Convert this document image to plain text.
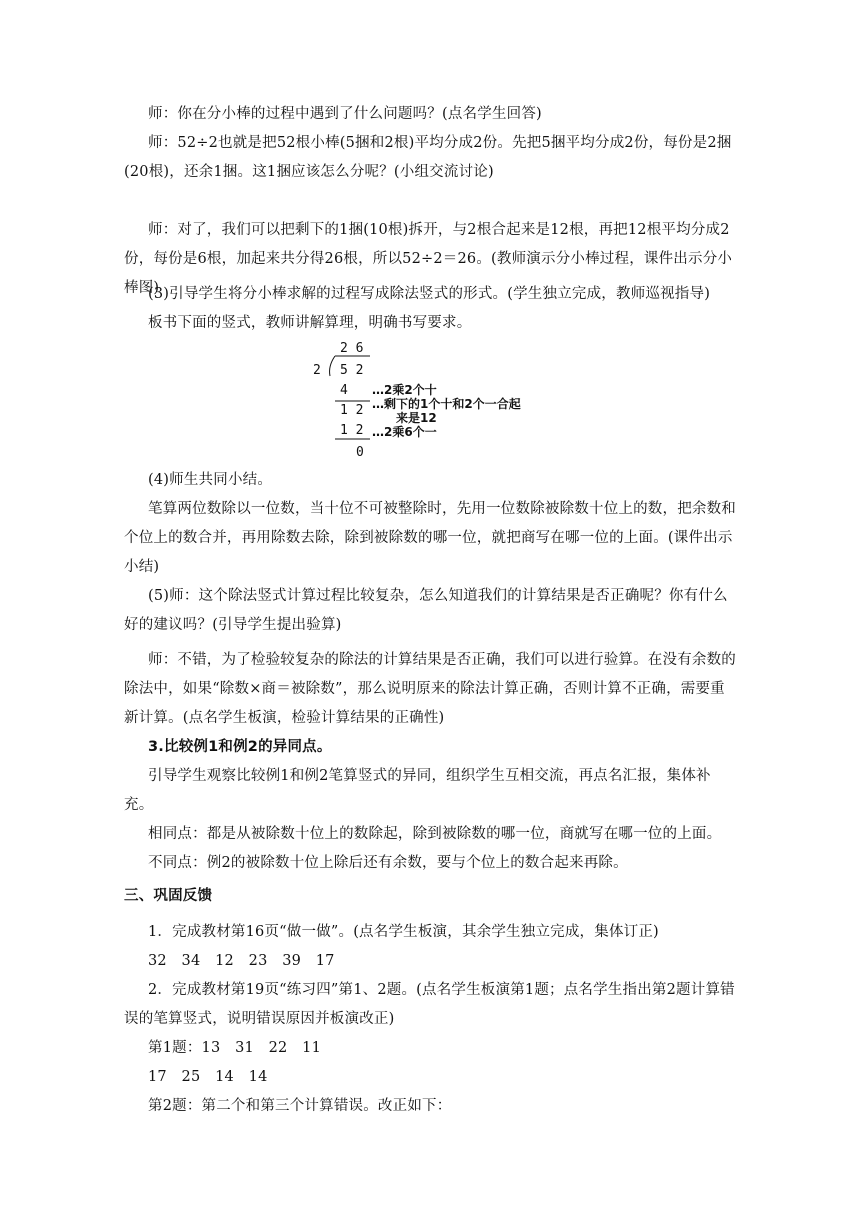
师：你在分小棒的过程中遇到了什么问题吗？(点名学生回答)

师：52÷2也就是把52根小棒(5捆和2根)平均分成2份。先把5捆平均分成2份，每份是2捆(20根)，还余1捆。这1捆应该怎么分呢？(小组交流讨论)

师：对了，我们可以把剩下的1捆(10根)拆开，与2根合起来是12根，再把12根平均分成2份，每份是6根，加起来共分得26根，所以52÷2＝26。(教师演示分小棒过程，课件出示分小棒图)

(3)引导学生将分小棒求解的过程写成除法竖式的形式。(学生独立完成，教师巡视指导)

板书下面的竖式，教师讲解算理，明确书写要求。

2 6
2 5 2
4
1 2
1 2
0
…2乘2个十
…剩下的1个十和2个一合起
来是12
…2乘6个一

(4)师生共同小结。

笔算两位数除以一位数，当十位不可被整除时，先用一位数除被除数十位上的数，把余数和个位上的数合并，再用除数去除，除到被除数的哪一位，就把商写在哪一位的上面。(课件出示小结)

(5)师：这个除法竖式计算过程比较复杂，怎么知道我们的计算结果是否正确呢？你有什么好的建议吗？(引导学生提出验算)

师：不错，为了检验较复杂的除法的计算结果是否正确，我们可以进行验算。在没有余数的除法中，如果“除数×商＝被除数”，那么说明原来的除法计算正确，否则计算不正确，需要重新计算。(点名学生板演，检验计算结果的正确性)

3.比较例1和例2的异同点。

引导学生观察比较例1和例2笔算竖式的异同，组织学生互相交流，再点名汇报，集体补充。

相同点：都是从被除数十位上的数除起，除到被除数的哪一位，商就写在哪一位的上面。

不同点：例2的被除数十位上除后还有余数，要与个位上的数合起来再除。

三、巩固反馈

1．完成教材第16页“做一做”。(点名学生板演，其余学生独立完成，集体订正)

32　34　12　23　39　17

2．完成教材第19页“练习四”第1、2题。(点名学生板演第1题；点名学生指出第2题计算错误的笔算竖式，说明错误原因并板演改正)

第1题：13　31　22　11

17　25　14　14

第2题：第二个和第三个计算错误。改正如下：
